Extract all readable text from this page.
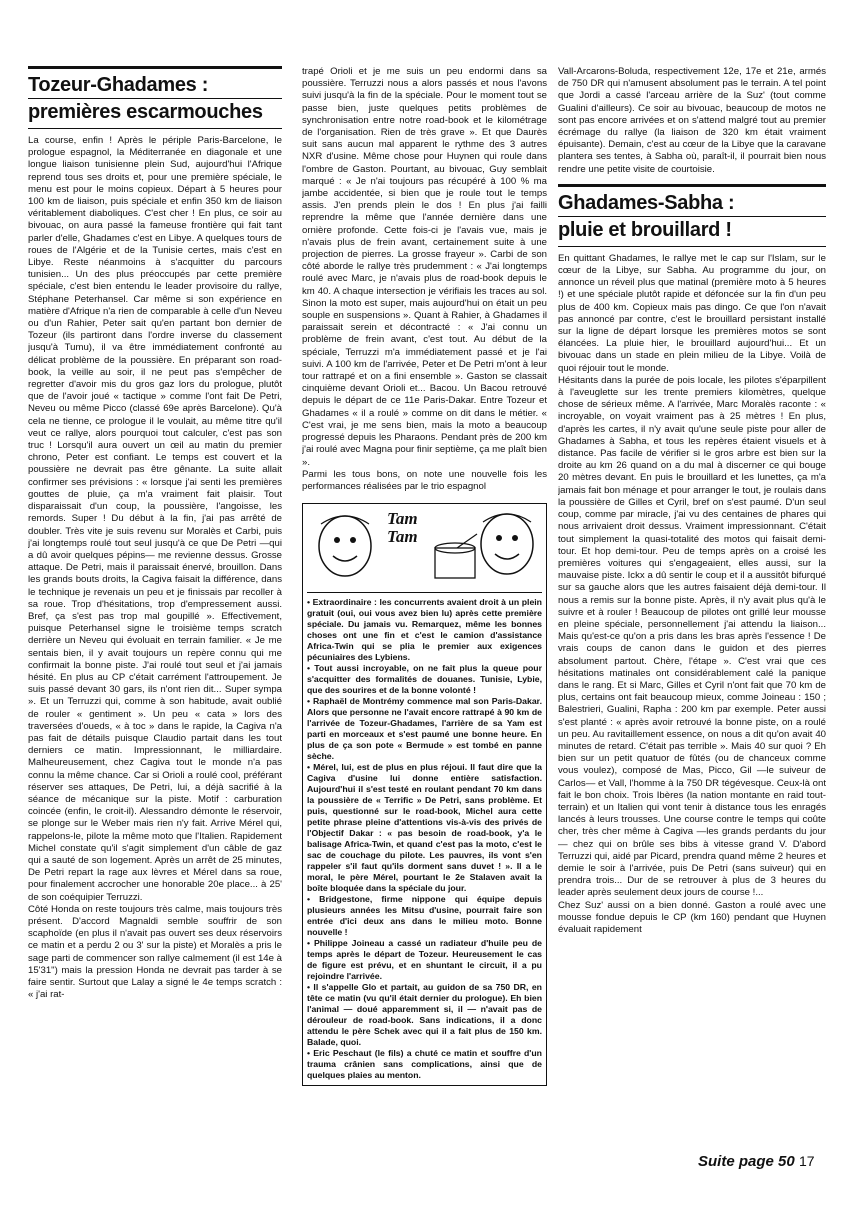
Tozeur-Ghadames :
premières escarmouches

La course, enfin ! Après le périple Paris-Barcelone, le prologue espagnol, la Méditerranée en diagonale et une longue liaison tunisienne plein Sud, aujourd'hui l'Afrique reprend tous ses droits et, pour une première spéciale, le menu est pour le moins copieux. Départ à 5 heures pour 100 km de liaison, puis spéciale et enfin 350 km de liaison véritablement diaboliques. C'est cher ! En plus, ce soir au bivouac, on aura passé la fameuse frontière qui fait tant parler d'elle, Ghadames c'est en Libye. A quelques tours de roues de l'Algérie et de la Tunisie certes, mais c'est en Libye. Reste néanmoins à s'acquitter du parcours tunisien... Un des plus préoccupés par cette première spéciale, c'est bien entendu le leader provisoire du rallye, Stéphane Peterhansel. Car même si son expérience en matière d'Afrique n'a rien de comparable à celle d'un Neveu ou d'un Rahier, Peter sait qu'en partant bon dernier de Tozeur (ils partiront dans l'ordre inverse du classement jusqu'à Tumu), il va être immédiatement confronté au délicat problème de la poussière. En préparant son road-book, la veille au soir, il ne peut pas s'empêcher de regretter d'avoir mis du gros gaz lors du prologue, plutôt que de l'avoir joué « tactique » comme l'ont fait De Petri, Neveu ou même Picco (classé 69e après Barcelone). Qu'à cela ne tienne, ce prologue il le voulait, au même titre qu'il veut ce rallye, alors pourquoi tout calculer, c'est pas son truc ! Lorsqu'il aura ouvert un œil au matin du premier chrono, Peter est confiant. Le temps est couvert et la poussière ne devrait pas être gênante. La suite allait confirmer ses prévisions : « lorsque j'ai senti les premières gouttes de pluie, ça m'a vraiment fait plaisir. Tout disparaissait d'un coup, la poussière, l'angoisse, les remords. Super ! Du début à la fin, j'ai pas arrêté de doubler. Très vite je suis revenu sur Moralès et Carbi, puis j'ai longtemps roulé tout seul jusqu'à ce que De Petri —qui a dû avoir quelques pépins— me revienne dessus. Grosse attaque. De Petri, mais il paraissait énervé, brouillon. Dans les grands bouts droits, la Cagiva faisait la différence, dans le technique je revenais un peu et je finissais par recoller à sa roue. Trop d'hésitations, trop d'empressement aussi. Bref, ça s'est pas trop mal goupillé ». Effectivement, puisque Peterhansel signe le troisième temps scratch derrière un Neveu qui évoluait en terrain familier. « Je me sentais bien, il y avait toujours un repère connu qui me confirmait la bonne piste. J'ai roulé tout seul et j'ai jamais hésité. En plus au CP c'était carrément l'attroupement. Je suis passé devant 30 gars, ils n'ont rien dit... Super sympa ». Et un Terruzzi qui, comme à son habitude, avait oublié de rouler « gentiment ». Un peu « cata » lors des traversées d'oueds, « à toc » dans le rapide, la Cagiva n'a pas fait de détails puisque Claudio partait dans les tout derniers ce matin. Impressionnant, le milliardaire. Malheureusement, chez Cagiva tout le monde n'a pas connu la même chance. Car si Orioli a roulé cool, préférant réserver ses attaques, De Petri, lui, a déjà sacrifié à la séance de mécanique sur la piste. Motif : carburation coincée (enfin, le croit-il). Alessandro démonte le réservoir, se plonge sur le Weber mais rien n'y fait. Arrive Mérel qui, rappelons-le, pilote la même moto que l'Italien. Rapidement Michel constate qu'il s'agit simplement d'un câble de gaz qui a sauté de son logement. Après un arrêt de 25 minutes, De Petri repart la rage aux lèvres et Mérel dans sa roue, pour finalement accrocher une honorable 20e place... à 25' de son coéquipier Terruzzi.

Côté Honda on reste toujours très calme, mais toujours très présent. D'accord Magnaldi semble souffrir de son scaphoïde (en plus il n'avait pas ouvert ses deux réservoirs ce matin et a perdu 2 ou 3' sur la piste) et Moralès a pris le sage parti de commencer son rallye calmement (il est 14e à 15'31") mais la pression Honda ne devrait pas tarder à se faire sentir. Surtout que Lalay a signé le 4e temps scratch : « j'ai rat-

trapé Orioli et je me suis un peu endormi dans sa poussière. Terruzzi nous a alors passés et nous l'avons suivi jusqu'à la fin de la spéciale. Pour le moment tout se passe bien, juste quelques petits problèmes de synchronisation entre notre road-book et le kilométrage de l'organisation. Rien de très grave ». Et que Daurès suit sans aucun mal apparent le rythme des 3 autres NXR d'usine. Même chose pour Huynen qui roule dans l'ombre de Gaston. Pourtant, au bivouac, Guy semblait marqué : « Je n'ai toujours pas récupéré à 100 % ma jambe accidentée, si bien que je roule tout le temps assis. J'en prends plein le dos ! En plus j'ai failli reprendre la même que l'année dernière dans une ornière profonde. Cette fois-ci je l'avais vue, mais je n'avais plus de frein avant, certainement suite à une projection de pierres. La grosse frayeur ». Carbi de son côté aborde le rallye très prudemment : « J'ai longtemps roulé avec Marc, je n'avais plus de road-book depuis le km 40. A chaque intersection je vérifiais les traces au sol. Sinon la moto est super, mais aujourd'hui on était un peu souple en suspensions ». Quant à Rahier, à Ghadames il paraissait serein et décontracté : « J'ai connu un problème de frein avant, c'est tout. Au début de la spéciale, Terruzzi m'a immédiatement passé et je l'ai suivi. A 100 km de l'arrivée, Peter et De Petri m'ont à leur tour rattrapé et on a fini ensemble ». Gaston se classait cinquième devant Orioli et... Bacou. Un Bacou retrouvé depuis le départ de ce 11e Paris-Dakar. Entre Tozeur et Ghadames « il a roulé » comme on dit dans le métier. « C'est vrai, je me sens bien, mais la moto a beaucoup progressé depuis les Pharaons. Pendant près de 200 km j'ai roulé avec Magna pour finir septième, ça me plaît bien ».

Parmi les tous bons, on note une nouvelle fois les performances réalisées par le trio espagnol

Tam
Tam

• Extraordinaire : les concurrents avaient droit à un plein gratuit (oui, oui vous avez bien lu) après cette première spéciale. Du jamais vu. Remarquez, même les bonnes choses ont une fin et c'est le camion d'assistance Africa-Twin qui se plia le premier aux exigences pécuniaires des Lybiens.

• Tout aussi incroyable, on ne fait plus la queue pour s'acquitter des formalités de douanes. Tunisie, Lybie, que des sourires et de la bonne volonté !

• Raphaël de Montrémy commence mal son Paris-Dakar. Alors que personne ne l'avait encore rattrapé à 90 km de l'arrivée de Tozeur-Ghadames, l'arrière de sa Yam est parti en morceaux et s'est paumé une bonne heure. En plus de ça son pote « Bermude » est tombé en panne sèche.

• Mérel, lui, est de plus en plus réjoui. Il faut dire que la Cagiva d'usine lui donne entière satisfaction. Aujourd'hui il s'est testé en roulant pendant 70 km dans la poussière de « Terrific » De Petri, sans problème. Et puis, questionné sur le road-book, Michel aura cette petite phrase pleine d'attentions vis-à-vis des privés de l'Objectif Dakar : « pas besoin de road-book, y'a le balisage Africa-Twin, et quand c'est pas la moto, c'est le sac de couchage du pilote. Les pauvres, ils vont s'en rappeler s'il faut qu'ils dorment sans duvet ! ». Il a le moral, le père Mérel, pourtant le 2e Stalaven avait la boîte bloquée dans la spéciale du jour.

• Bridgestone, firme nippone qui équipe depuis plusieurs années les Mitsu d'usine, pourrait faire son entrée d'ici deux ans dans le milieu moto. Bonne nouvelle !

• Philippe Joineau a cassé un radiateur d'huile peu de temps après le départ de Tozeur. Heureusement le cas de figure est prévu, et en shuntant le circuit, il a pu rejoindre l'arrivée.

• Il s'appelle Glo et partait, au guidon de sa 750 DR, en tête ce matin (vu qu'il était dernier du prologue). Eh bien l'animal — doué apparemment si, il — n'avait pas de dérouleur de road-book. Sans indications, il a donc attendu le père Schek avec qui il a fait plus de 150 km. Balade, quoi.

• Eric Peschaut (le fils) a chuté ce matin et souffre d'un trauma crânien sans complications, ainsi que de quelques plaies au menton.

Vall-Arcarons-Boluda, respectivement 12e, 17e et 21e, armés de 750 DR qui n'amusent absolument pas le terrain. A tel point que Jordi a cassé l'arceau arrière de la Suz' (tout comme Gualini d'ailleurs). Ce soir au bivouac, beaucoup de motos ne sont pas encore arrivées et on s'attend malgré tout au premier écrémage du rallye (la liaison de 320 km était vraiment épuisante). Demain, c'est au cœur de la Libye que la caravane plantera ses tentes, à Sabha où, paraît-il, il pourrait bien nous rendre une petite visite de courtoisie.

Ghadames-Sabha :
pluie et brouillard !

En quittant Ghadames, le rallye met le cap sur l'Islam, sur le cœur de la Libye, sur Sabha. Au programme du jour, on annonce un réveil plus que matinal (première moto à 5 heures !) et une spéciale plutôt rapide et défoncée sur la fin d'un peu plus de 400 km. Copieux mais pas dingo. Ce que l'on n'avait pas annoncé par contre, c'est le brouillard persistant installé sur la ligne de départ lorsque les premières motos se sont élancées. La pluie hier, le brouillard aujourd'hui... Et un bivouac dans un stade en plein milieu de la Libye. Voilà de quoi réjouir tout le monde.

Hésitants dans la purée de pois locale, les pilotes s'éparpillent à l'aveuglette sur les trente premiers kilomètres, quelque chose de sérieux même. A l'arrivée, Marc Moralès raconte : « incroyable, on voyait vraiment pas à 25 mètres ! En plus, d'après les cartes, il n'y avait qu'une seule piste pour aller de Ghadames à Sabha, et tous les repères étaient visuels et à distance. Pas facile de vérifier si le gros arbre est bien sur la droite au km 26 quand on a du mal à discerner ce qui bouge 20 mètres devant. En puis le brouillard et les lunettes, ça m'a jamais fait bon ménage et pour arranger le tout, je roulais dans la poussière de Gilles et Cyril, bref on s'est paumé. D'un seul coup, comme par miracle, j'ai vu des centaines de phares qui nous arrivaient droit dessus. Vraiment impressionnant. C'était tout simplement la quasi-totalité des motos qui faisait demi-tour. Et hop demi-tour. Peu de temps après on a croisé les premières voitures qui s'engageaient, elles aussi, sur la mauvaise piste. Ickx a dû sentir le coup et il a aussitôt bifurqué sur sa gauche alors que les autres faisaient déjà demi-tour. Il nous a remis sur la bonne piste. Après, il n'y avait plus qu'à le suivre et à rouler ! Beaucoup de pilotes ont grillé leur mousse en pleine spéciale, personnellement j'ai attendu la liaison... Mais qu'est-ce qu'on a pris dans les bras après l'essence ! De vrais coups de canon dans le guidon et des pierres absolument partout. Chère, l'étape ». C'est vrai que ces hésitations matinales ont considérablement calé la panique dans le rang. Et si Marc, Gilles et Cyril n'ont fait que 70 km de plus, certains ont fait beaucoup mieux, comme Joineau : 150 ; Balestrieri, Gualini, Rapha : 200 km par exemple. Peter aussi s'est planté : « après avoir retrouvé la bonne piste, on a roulé un peu. Au ravitaillement essence, on nous a dit qu'on avait 40 minutes de retard. C'était pas terrible ». Mais 40 sur quoi ? Eh bien sur un petit quatuor de fûtés (ou de chanceux comme vous voulez), composé de Mas, Picco, Gil —le suiveur de Carlos— et Vall, l'homme à la 750 DR tégévesque. Ceux-là ont fait le bon choix. Trois Ibères (la nation montante en raid tout-terrain) et un Italien qui vont tenir à distance tous les enragés lancés à leurs trousses. Une course contre le temps qui coûte cher, très cher même à Cagiva —les grands perdants du jour— chez qui on brûle ses bibs à vitesse grand V. D'abord Terruzzi qui, aidé par Picard, prendra quand même 2 heures et demie le soir à l'arrivée, puis De Petri (sans suiveur) qui en prendra trois... Dur de se retrouver à plus de 3 heures du leader après seulement deux jours de course !...

Chez Suz' aussi on a bien donné. Gaston a roulé avec une mousse fondue depuis le CP (km 160) pendant que Huynen évaluait rapidement

Suite page 50 17
